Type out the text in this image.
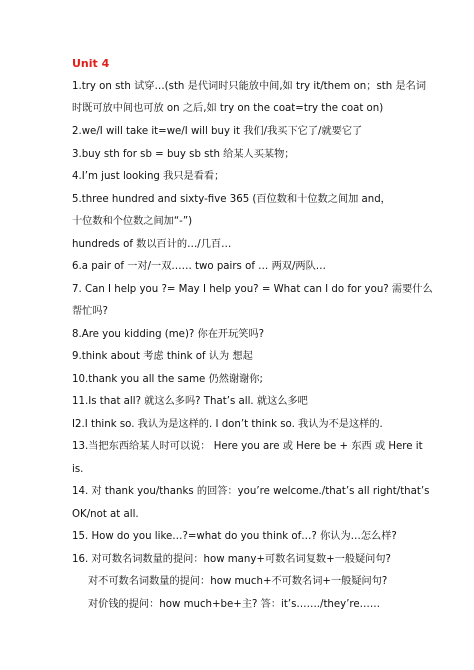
Unit 4
1.try on sth 试穿…(sth 是代词时只能放中间,如 try it/them on；sth 是名词
时既可放中间也可放 on 之后,如 try on the coat=try the coat on)
2.we/I will take it=we/I will buy it 我们/我买下它了/就要它了
3.buy sth for sb = buy sb sth 给某人买某物；
4.I’m just looking 我只是看看；
5.three hundred and sixty-five 365 (百位数和十位数之间加 and，
十位数和个位数之间加“-”)
hundreds of 数以百计的…/几百…
6.a pair of 一对/一双…… two pairs of … 两双/两队…
7. Can I help you ?= May I help you? = What can I do for you? 需要什么
帮忙吗?
8.Are you kidding (me)? 你在开玩笑吗?
9.think about 考虑 think of 认为 想起
10.thank you all the same 仍然谢谢你;
11.Is that all? 就这么多吗? That’s all. 就这么多吧
I2.I think so. 我认为是这样的. I don’t think so. 我认为不是这样的.
13.当把东西给某人时可以说： Here you are 或 Here be + 东西 或 Here it
is.
14. 对 thank you/thanks 的回答：you’re welcome./that’s all right/that’s
OK/not at all.
15. How do you like…?=what do you think of…? 你认为…怎么样?
16. 对可数名词数量的提问：how many+可数名词复数+一般疑问句?
对不可数名词数量的提问：how much+不可数名词+一般疑问句?
对价钱的提问：how much+be+主? 答：it’s……./they’re……
